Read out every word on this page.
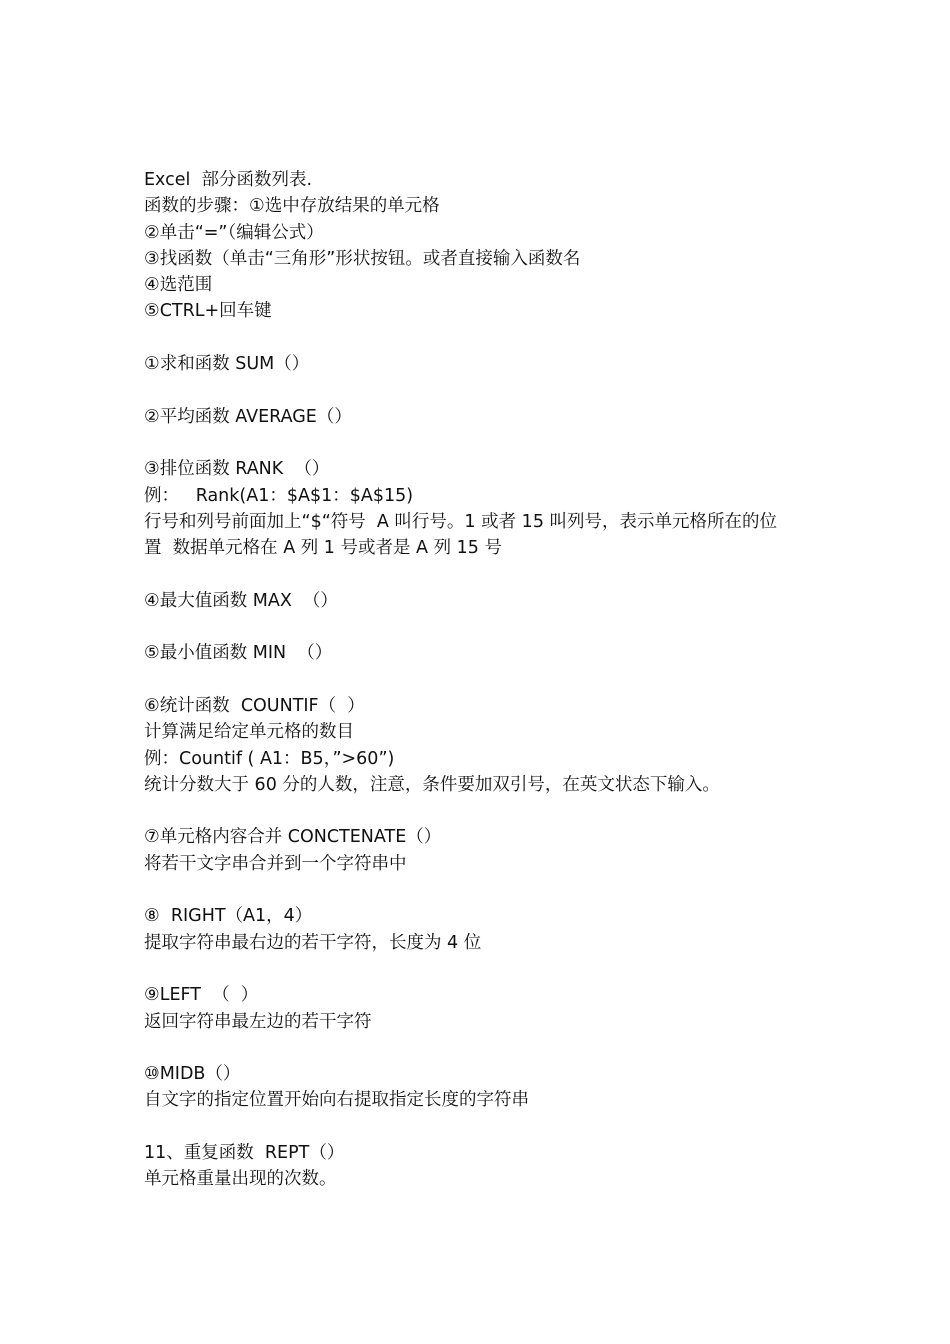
Excel  部分函数列表.
函数的步骤：①选中存放结果的单元格
②单击“=”（编辑公式）
③找函数（单击“三角形”形状按钮。或者直接输入函数名
④选范围
⑤CTRL+回车键
①求和函数 SUM（）
②平均函数 AVERAGE（）
③排位函数 RANK  （）
例：   Rank(A1：$A$1：$A$15)
行号和列号前面加上“$“符号  A 叫行号。1 或者 15 叫列号，表示单元格所在的位
置  数据单元格在 A 列 1 号或者是 A 列 15 号
④最大值函数 MAX  （）
⑤最小值函数 MIN  （）
⑥统计函数  COUNTIF（  ）
计算满足给定单元格的数目
例：Countif ( A1：B5，”>60”)
统计分数大于 60 分的人数，注意，条件要加双引号，在英文状态下输入。
⑦单元格内容合并 CONCTENATE（）
将若干文字串合并到一个字符串中
⑧  RIGHT（A1，4）
提取字符串最右边的若干字符，长度为 4 位
⑨LEFT  （  ）
返回字符串最左边的若干字符
⑩MIDB（）
自文字的指定位置开始向右提取指定长度的字符串
11、重复函数  REPT（）
单元格重量出现的次数。
